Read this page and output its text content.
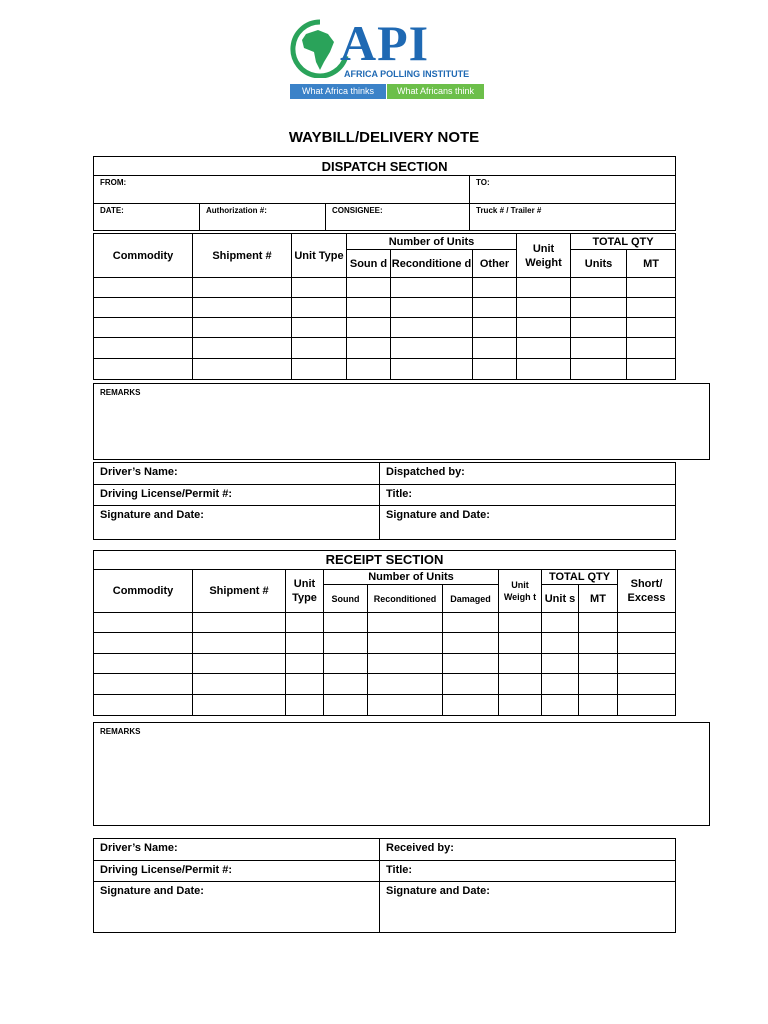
API
AFRICA POLLING INSTITUTE
What Africa thinks	What Africans think
WAYBILL/DELIVERY NOTE
DISPATCH SECTION			
FROM:			TO:
DATE:	Authorization #:	CONSIGNEE:	Truck # / Trailer #
Commodity	Shipment #	Unit Type	Number of Units			Unit Weight	TOTAL QTY	
			Soun d	Reconditione d	Other		Units	MT

REMARKS
Driver’s Name:	Dispatched by:
Driving License/Permit #:	Title:
Signature and Date:	Signature and Date:
RECEIPT SECTION									
Commodity	Shipment #	Unit Type	Number of Units			Unit Weigh t	TOTAL QTY		Short/ Excess
			Sound	Reconditioned	Damaged		Unit s	MT	

REMARKS
Driver’s Name:	Received by:
Driving License/Permit #:	Title:
Signature and Date:	Signature and Date:
